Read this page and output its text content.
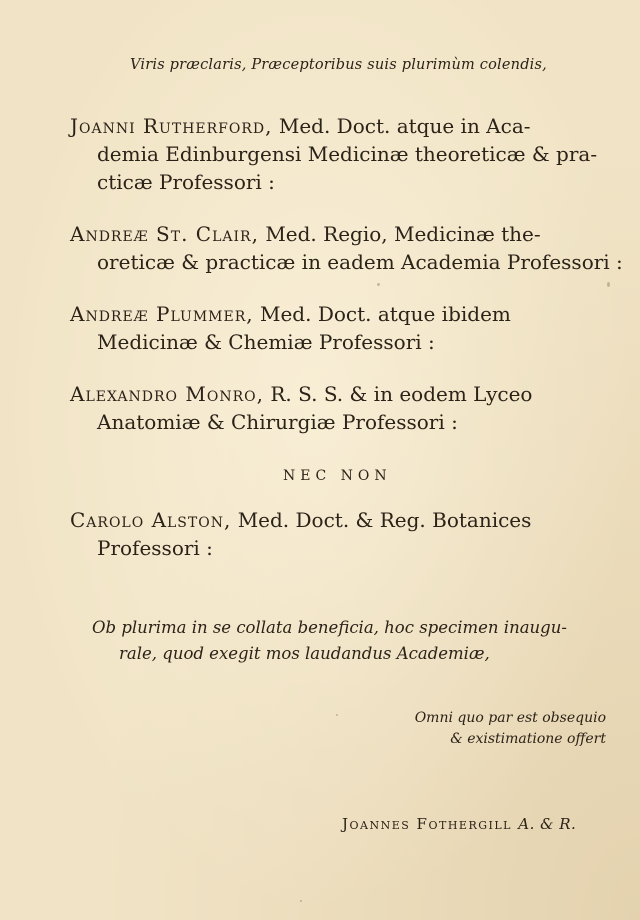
Viris præclaris, Præceptoribus suis plurimùm colendis,

Joanni Rutherford, Med. Doct. atque in Aca-
demia Edinburgensi Medicinæ theoreticæ & pra-
cticæ Professori :
Andreæ St. Clair, Med. Regio, Medicinæ the-
oreticæ & practicæ in eadem Academia Professori :
Andreæ Plummer, Med. Doct. atque ibidem
Medicinæ & Chemiæ Professori :
Alexandro Monro, R. S. S. & in eodem Lyceo
Anatomiæ & Chirurgiæ Professori :

NEC NON

Carolo Alston, Med. Doct. & Reg. Botanices
Professori :
Ob plurima in se collata beneficia, hoc specimen inaugu-
rale, quod exegit mos laudandus Academiæ,
Omni quo par est obsequio
& existimatione offert

Joannes Fothergill A. & R.
